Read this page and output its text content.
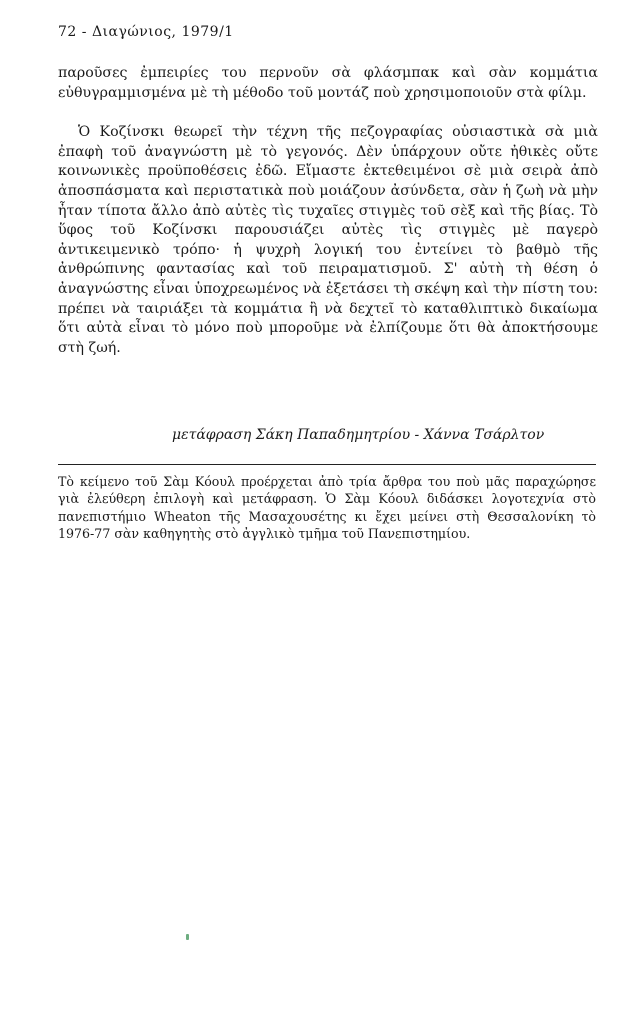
72 - Διαγώνιος, 1979/1

παροῦσες ἐμπειρίες του περνοῦν σὰ φλάσμπακ καὶ σὰν κομμάτια εὐθυγραμμισμένα μὲ τὴ μέθοδο τοῦ μοντάζ ποὺ χρησιμοποιοῦν στὰ φίλμ.

Ὁ Κοζίνσκι θεωρεῖ τὴν τέχνη τῆς πεζογραφίας οὐσιαστικὰ σὰ μιὰ ἐπαφὴ τοῦ ἀναγνώστη μὲ τὸ γεγονός. Δὲν ὑπάρχουν οὔτε ἠθικὲς οὔτε κοινωνικὲς προϋποθέσεις ἐδῶ. Εἴμαστε ἐκτεθειμένοι σὲ μιὰ σειρὰ ἀπὸ ἀποσπάσματα καὶ περιστατικὰ ποὺ μοιάζουν ἀσύνδετα, σὰν ἡ ζωὴ νὰ μὴν ἦταν τίποτα ἄλλο ἀπὸ αὐτὲς τὶς τυχαῖες στιγμὲς τοῦ σὲξ καὶ τῆς βίας. Τὸ ὕφος τοῦ Κοζίνσκι παρουσιάζει αὐτὲς τὶς στιγμὲς μὲ παγερὸ ἀντικειμενικὸ τρόπο· ἡ ψυχρὴ λογική του ἐντείνει τὸ βαθμὸ τῆς ἀνθρώπινης φαντασίας καὶ τοῦ πειραματισμοῦ. Σ' αὐτὴ τὴ θέση ὁ ἀναγνώστης εἶναι ὑποχρεωμένος νὰ ἐξετάσει τὴ σκέψη καὶ τὴν πίστη του: πρέπει νὰ ταιριάξει τὰ κομμάτια ἢ νὰ δεχτεῖ τὸ καταθλιπτικὸ δικαίωμα ὅτι αὐτὰ εἶναι τὸ μόνο ποὺ μποροῦμε νὰ ἐλπίζουμε ὅτι θὰ ἀποκτήσουμε στὴ ζωή.

μετάφραση Σάκη Παπαδημητρίου - Χάννα Τσάρλτον

Τὸ κείμενο τοῦ Σὰμ Κόουλ προέρχεται ἀπὸ τρία ἄρθρα του ποὺ μᾶς παραχώρησε γιὰ ἐλεύθερη ἐπιλογὴ καὶ μετάφραση. Ὁ Σὰμ Κόουλ διδάσκει λογοτεχνία στὸ πανεπιστήμιο Wheaton τῆς Μασαχουσέτης κι ἔχει μείνει στὴ Θεσσαλονίκη τὸ 1976-77 σὰν καθηγητὴς στὸ ἀγγλικὸ τμῆμα τοῦ Πανεπιστημίου.
